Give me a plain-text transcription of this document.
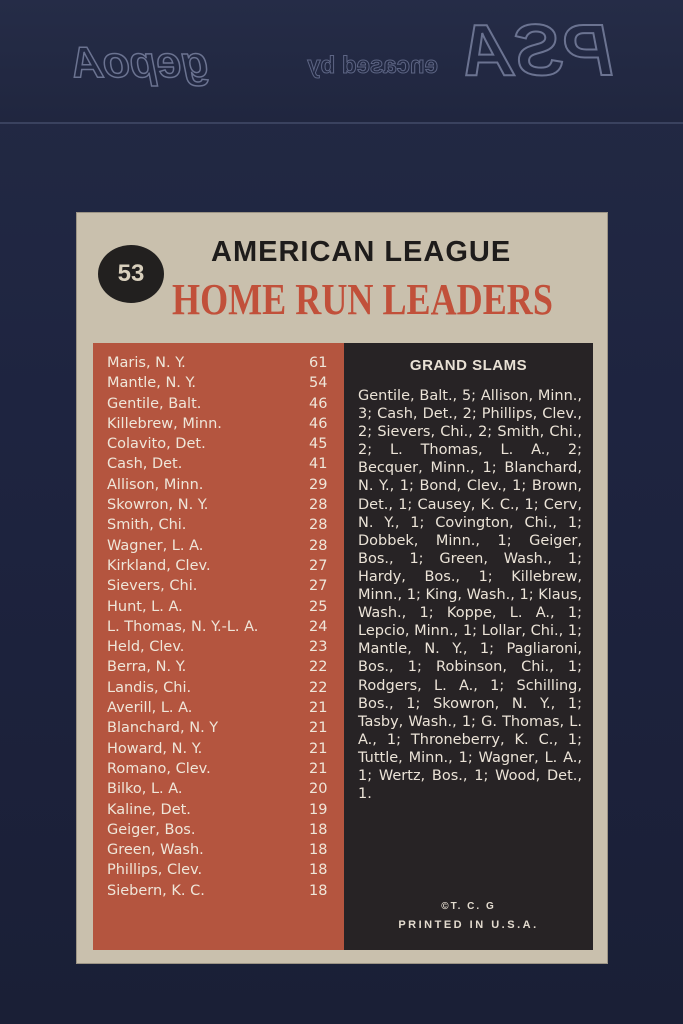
PSA
encased by
gepoA
53
AMERICAN LEAGUE
HOME RUN LEADERS
Maris, N. Y.	61
Mantle, N. Y.	54
Gentile, Balt.	46
Killebrew, Minn.	46
Colavito, Det.	45
Cash, Det.	41
Allison, Minn.	29
Skowron, N. Y.	28
Smith, Chi.	28
Wagner, L. A.	28
Kirkland, Clev.	27
Sievers, Chi.	27
Hunt, L. A.	25
L. Thomas, N. Y.-L. A.	24
Held, Clev.	23
Berra, N. Y.	22
Landis, Chi.	22
Averill, L. A.	21
Blanchard, N. Y	21
Howard, N. Y.	21
Romano, Clev.	21
Bilko, L. A.	20
Kaline, Det.	19
Geiger, Bos.	18
Green, Wash.	18
Phillips, Clev.	18
Siebern, K. C.	18
GRAND SLAMS

Gentile, Balt., 5; Allison, Minn., 3; Cash, Det., 2; Phillips, Clev., 2; Sievers, Chi., 2; Smith, Chi., 2; L. Thomas, L. A., 2; Becquer, Minn., 1; Blanchard, N. Y., 1; Bond, Clev., 1; Brown, Det., 1; Causey, K. C., 1; Cerv, N. Y., 1; Covington, Chi., 1; Dobbek, Minn., 1; Geiger, Bos., 1; Green, Wash., 1; Hardy, Bos., 1; Killebrew, Minn., 1; King, Wash., 1; Klaus, Wash., 1; Koppe, L. A., 1; Lepcio, Minn., 1; Lollar, Chi., 1; Mantle, N. Y., 1; Pagliaroni, Bos., 1; Robinson, Chi., 1; Rodgers, L. A., 1; Schilling, Bos., 1; Skowron, N. Y., 1; Tasby, Wash., 1; G. Thomas, L. A., 1; Throneberry, K. C., 1; Tuttle, Minn., 1; Wagner, L. A., 1; Wertz, Bos., 1; Wood, Det., 1.

©T. C. G
PRINTED IN U.S.A.
